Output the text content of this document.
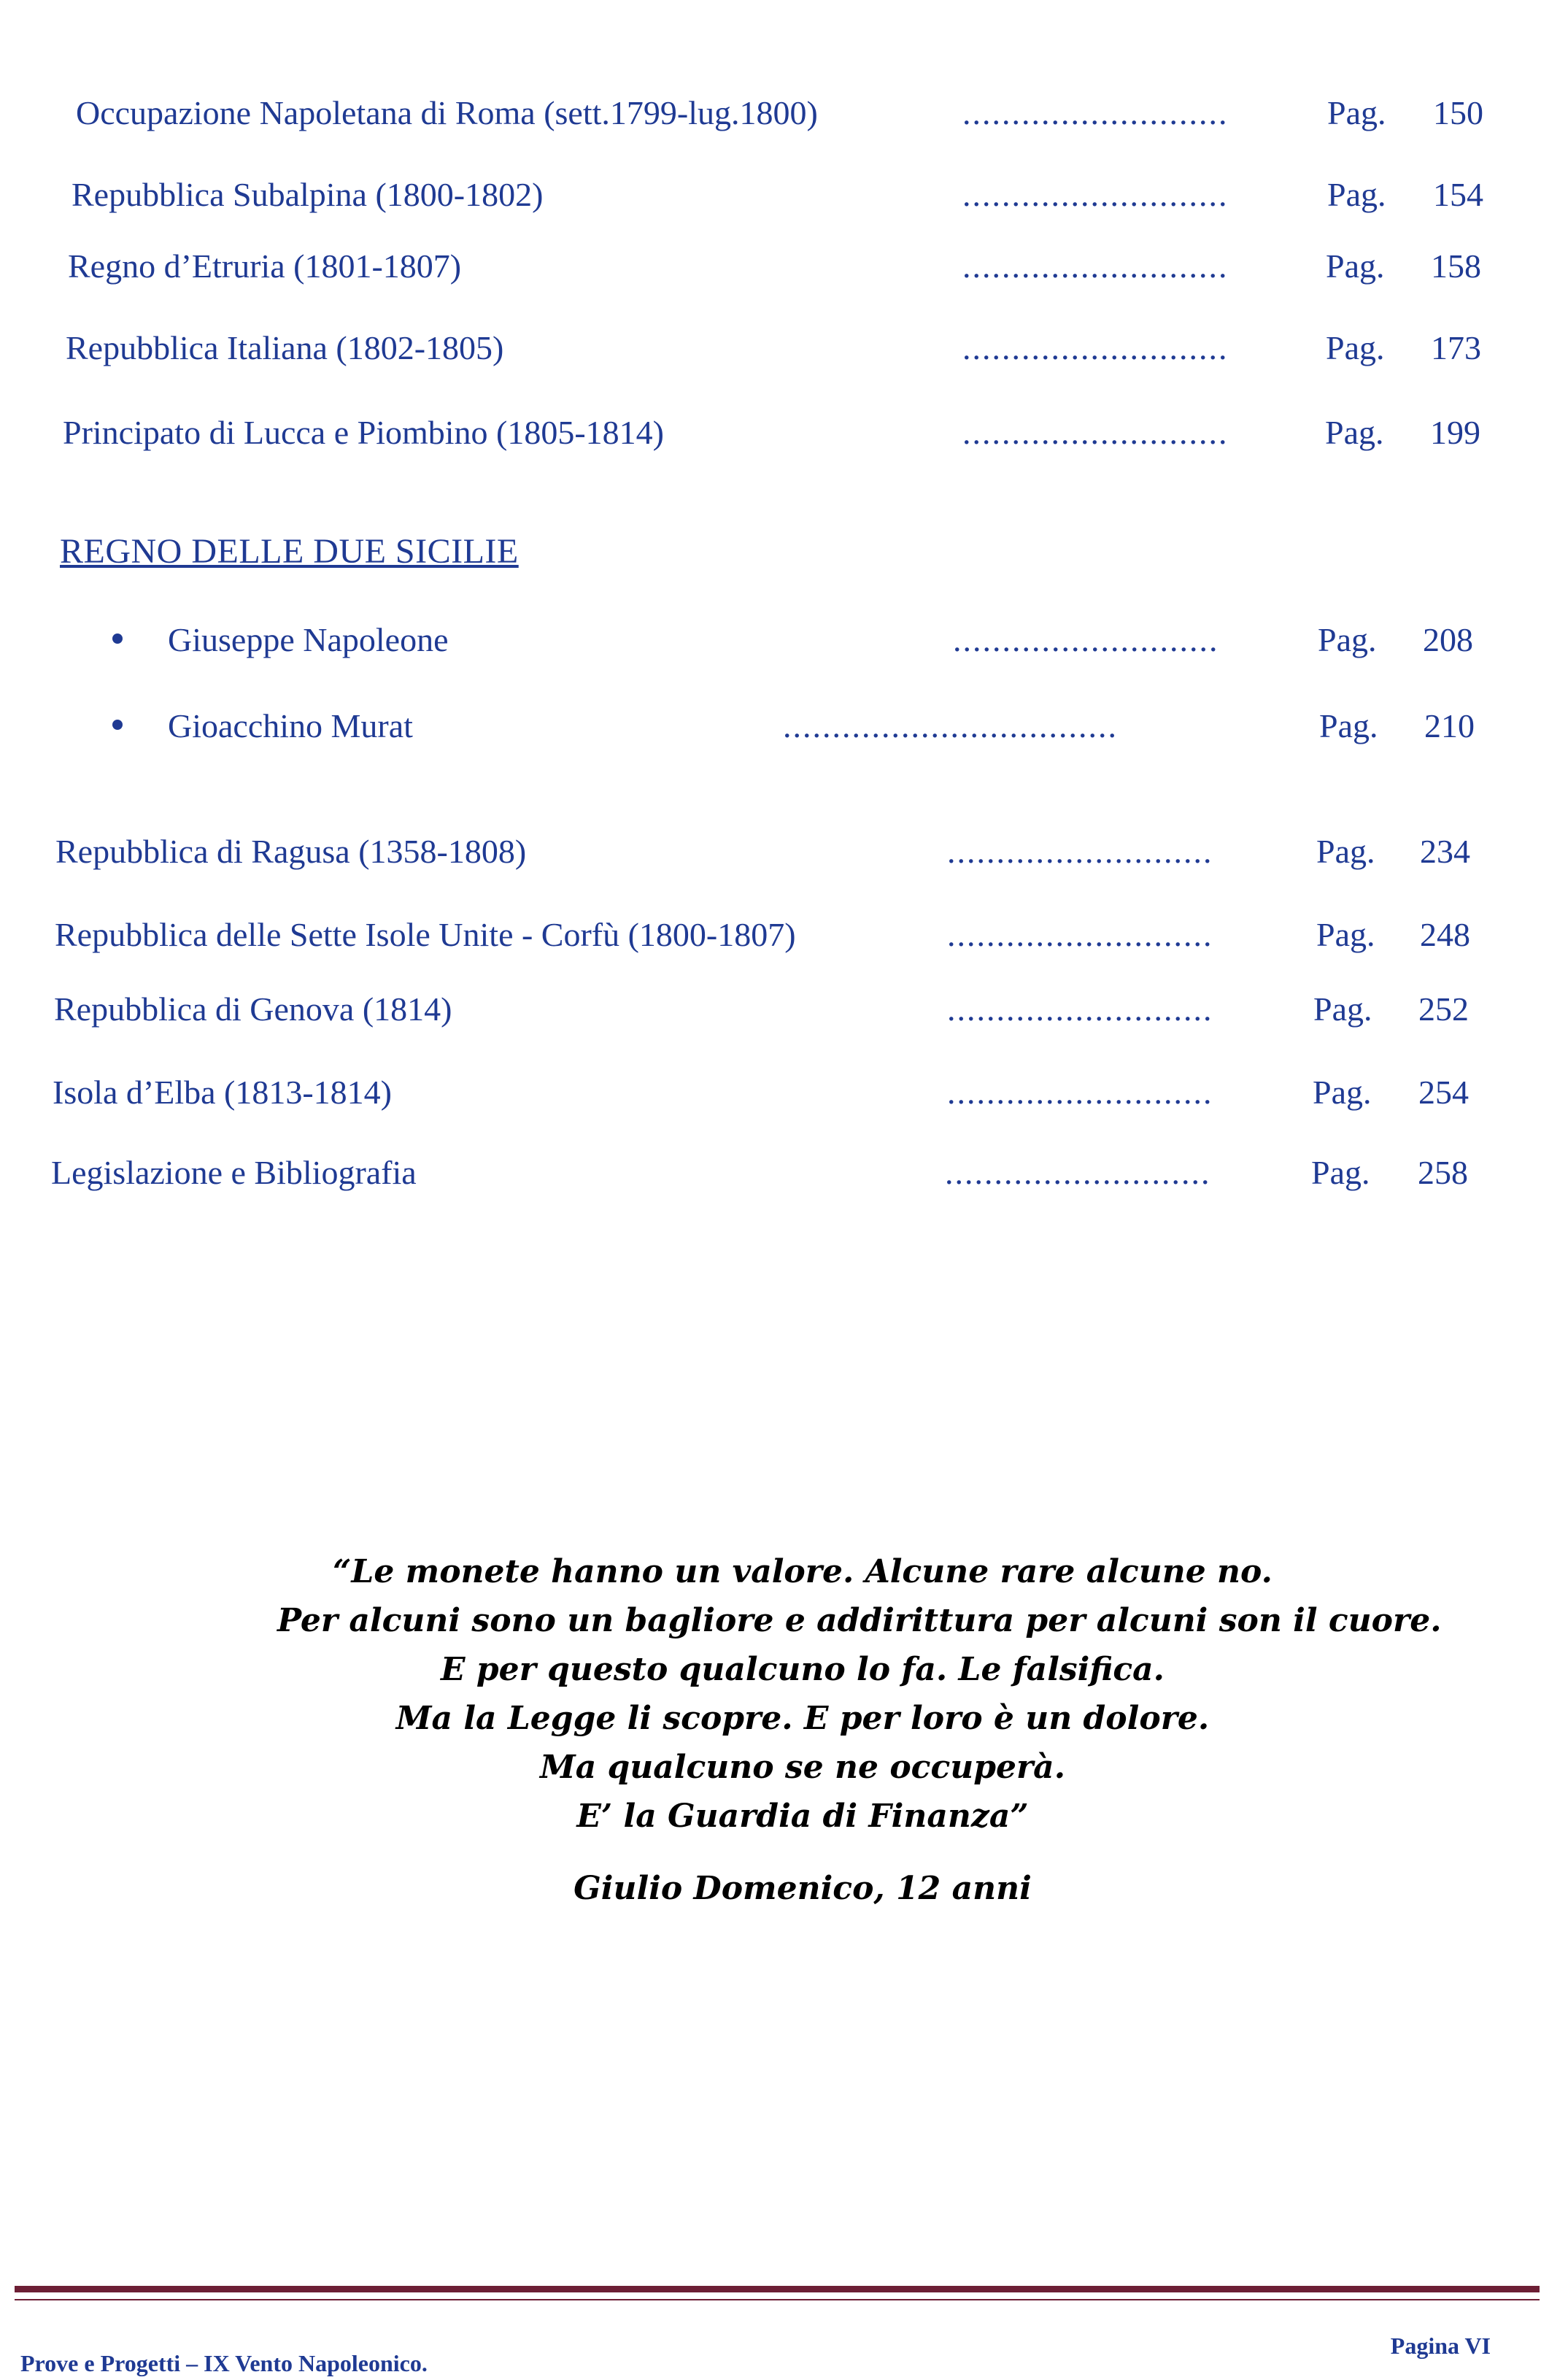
Occupazione Napoletana di Roma (sett.1799-lug.1800)	...........................	Pag. 150
Repubblica Subalpina (1800-1802)	...........................	Pag. 154
Regno d’Etruria (1801-1807)	...........................	Pag. 158
Repubblica Italiana (1802-1805)	...........................	Pag. 173
Principato di Lucca e Piombino (1805-1814)	...........................	Pag. 199
REGNO DELLE DUE SICILIE
Giuseppe Napoleone	...........................	Pag. 208
Gioacchino Murat	..................................	Pag. 210
Repubblica di Ragusa (1358-1808)	...........................	Pag. 234
Repubblica delle Sette Isole Unite - Corfù (1800-1807)	...........................	Pag. 248
Repubblica di Genova (1814)	...........................	Pag. 252
Isola d’Elba (1813-1814)	...........................	Pag. 254
Legislazione e Bibliografia	...........................	Pag. 258
“Le monete hanno un valore. Alcune rare alcune no.
Per alcuni sono un bagliore e addirittura per alcuni son il cuore.
E per questo qualcuno lo fa. Le falsifica.
Ma la Legge li scopre. E per loro è un dolore.
Ma qualcuno se ne occuperà.
E’ la Guardia di Finanza”
Giulio Domenico, 12 anni
Prove e Progetti – IX Vento Napoleonico.
Pagina VI
